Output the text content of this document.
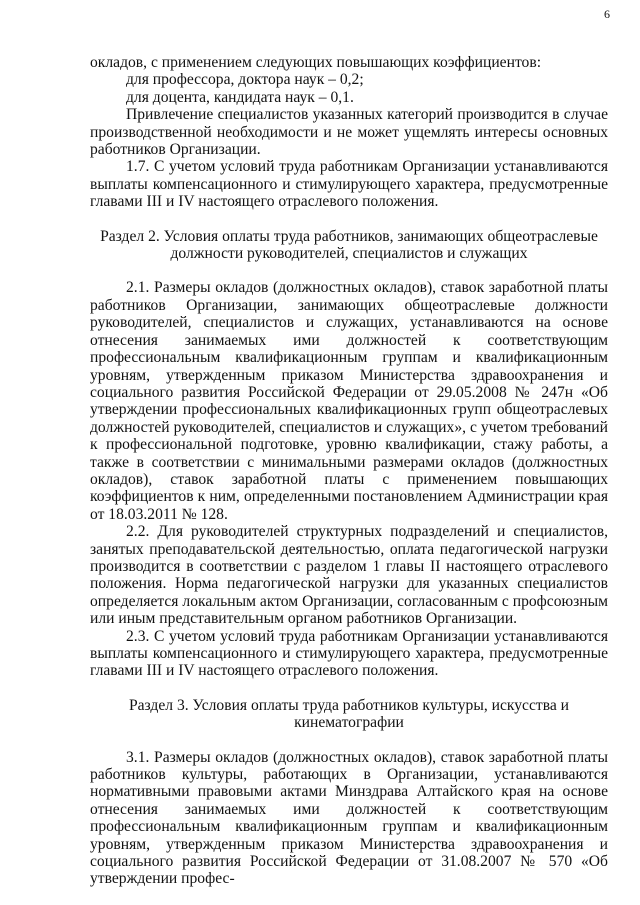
6

окладов, с применением следующих повышающих коэффициентов:

для профессора, доктора наук – 0,2;

для доцента, кандидата наук – 0,1.

Привлечение специалистов указанных категорий производится в случае производственной необходимости и не может ущемлять интересы основных работников Организации.

1.7. С учетом условий труда работникам Организации устанавливаются выплаты компенсационного и стимулирующего характера, предусмотренные главами III и IV настоящего отраслевого положения.

Раздел 2. Условия оплаты труда работников, занимающих общеотраслевые должности руководителей, специалистов и служащих

2.1. Размеры окладов (должностных окладов), ставок заработной платы работников Организации, занимающих общеотраслевые должности руководителей, специалистов и служащих, устанавливаются на основе отнесения занимаемых ими должностей к соответствующим профессиональным квалификационным группам и квалификационным уровням, утвержденным приказом Министерства здравоохранения и социального развития Российской Федерации от 29.05.2008 № 247н «Об утверждении профессиональных квалификационных групп общеотраслевых должностей руководителей, специалистов и служащих», с учетом требований к профессиональной подготовке, уровню квалификации, стажу работы, а также в соответствии с минимальными размерами окладов (должностных окладов), ставок заработной платы с применением повышающих коэффициентов к ним, определенными постановлением Администрации края от 18.03.2011 № 128.

2.2. Для руководителей структурных подразделений и специалистов, занятых преподавательской деятельностью, оплата педагогической нагрузки производится в соответствии с разделом 1 главы II настоящего отраслевого положения. Норма педагогической нагрузки для указанных специалистов определяется локальным актом Организации, согласованным с профсоюзным или иным представительным органом работников Организации.

2.3. С учетом условий труда работникам Организации устанавливаются выплаты компенсационного и стимулирующего характера, предусмотренные главами III и IV настоящего отраслевого положения.

Раздел 3. Условия оплаты труда работников культуры, искусства и кинематографии

3.1. Размеры окладов (должностных окладов), ставок заработной платы работников культуры, работающих в Организации, устанавливаются нормативными правовыми актами Минздрава Алтайского края на основе отнесения занимаемых ими должностей к соответствующим профессиональным квалификационным группам и квалификационным уровням, утвержденным приказом Министерства здравоохранения и социального развития Российской Федерации от 31.08.2007 № 570 «Об утверждении профес-
